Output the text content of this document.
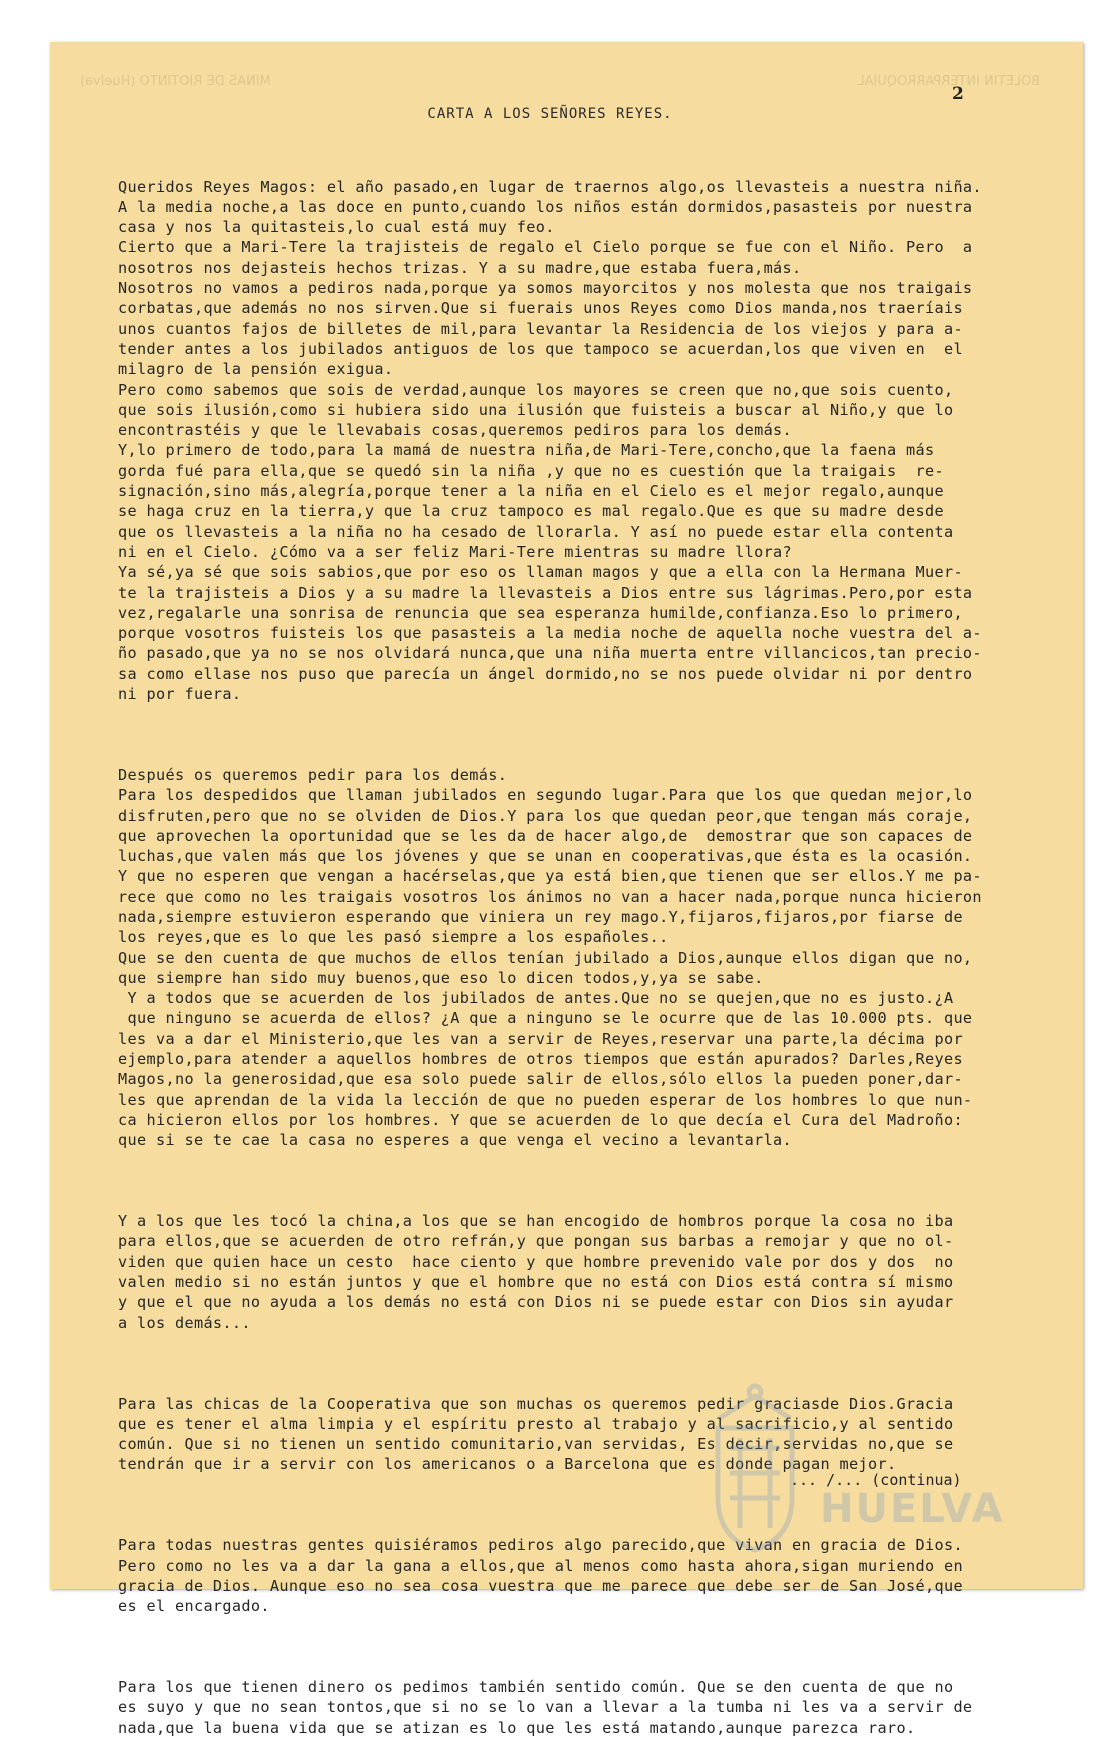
BOLETIN INTERPARROQUIAL
MINAS DE RIOTINTO (Huelva)
2
CARTA A LOS SEÑORES REYES.

Queridos Reyes Magos: el año pasado,en lugar de traernos algo,os llevasteis a nuestra niña.
A la media noche,a las doce en punto,cuando los niños están dormidos,pasasteis por nuestra
casa y nos la quitasteis,lo cual está muy feo.
Cierto que a Mari-Tere la trajisteis de regalo el Cielo porque se fue con el Niño. Pero  a
nosotros nos dejasteis hechos trizas. Y a su madre,que estaba fuera,más.
Nosotros no vamos a pediros nada,porque ya somos mayorcitos y nos molesta que nos traigais
corbatas,que además no nos sirven.Que si fuerais unos Reyes como Dios manda,nos traeríais
unos cuantos fajos de billetes de mil,para levantar la Residencia de los viejos y para a-
tender antes a los jubilados antiguos de los que tampoco se acuerdan,los que viven en  el
milagro de la pensión exigua.
Pero como sabemos que sois de verdad,aunque los mayores se creen que no,que sois cuento,
que sois ilusión,como si hubiera sido una ilusión que fuisteis a buscar al Niño,y que lo
encontrastéis y que le llevabais cosas,queremos pediros para los demás.
Y,lo primero de todo,para la mamá de nuestra niña,de Mari-Tere,concho,que la faena más
gorda fué para ella,que se quedó sin la niña ,y que no es cuestión que la traigais  re-
signación,sino más,alegría,porque tener a la niña en el Cielo es el mejor regalo,aunque
se haga cruz en la tierra,y que la cruz tampoco es mal regalo.Que es que su madre desde
que os llevasteis a la niña no ha cesado de llorarla. Y así no puede estar ella contenta
ni en el Cielo. ¿Cómo va a ser feliz Mari-Tere mientras su madre llora?
Ya sé,ya sé que sois sabios,que por eso os llaman magos y que a ella con la Hermana Muer-
te la trajisteis a Dios y a su madre la llevasteis a Dios entre sus lágrimas.Pero,por esta
vez,regalarle una sonrisa de renuncia que sea esperanza humilde,confianza.Eso lo primero,
porque vosotros fuisteis los que pasasteis a la media noche de aquella noche vuestra del a-
ño pasado,que ya no se nos olvidará nunca,que una niña muerta entre villancicos,tan precio-
sa como ellase nos puso que parecía un ángel dormido,no se nos puede olvidar ni por dentro
ni por fuera.

Después os queremos pedir para los demás.
Para los despedidos que llaman jubilados en segundo lugar.Para que los que quedan mejor,lo
disfruten,pero que no se olviden de Dios.Y para los que quedan peor,que tengan más coraje,
que aprovechen la oportunidad que se les da de hacer algo,de  demostrar que son capaces de
luchas,que valen más que los jóvenes y que se unan en cooperativas,que ésta es la ocasión.
Y que no esperen que vengan a hacérselas,que ya está bien,que tienen que ser ellos.Y me pa-
rece que como no les traigais vosotros los ánimos no van a hacer nada,porque nunca hicieron
nada,siempre estuvieron esperando que viniera un rey mago.Y,fijaros,fijaros,por fiarse de
los reyes,que es lo que les pasó siempre a los españoles..
Que se den cuenta de que muchos de ellos tenían jubilado a Dios,aunque ellos digan que no,
que siempre han sido muy buenos,que eso lo dicen todos,y,ya se sabe.
Y a todos que se acuerden de los jubilados de antes.Que no se quejen,que no es justo.¿A
que ninguno se acuerda de ellos? ¿A que a ninguno se le ocurre que de las 10.000 pts. que
les va a dar el Ministerio,que les van a servir de Reyes,reservar una parte,la décima por
ejemplo,para atender a aquellos hombres de otros tiempos que están apurados? Darles,Reyes
Magos,no la generosidad,que esa solo puede salir de ellos,sólo ellos la pueden poner,dar-
les que aprendan de la vida la lección de que no pueden esperar de los hombres lo que nun-
ca hicieron ellos por los hombres. Y que se acuerden de lo que decía el Cura del Madroño:
que si se te cae la casa no esperes a que venga el vecino a levantarla.

Y a los que les tocó la china,a los que se han encogido de hombros porque la cosa no iba
para ellos,que se acuerden de otro refrán,y que pongan sus barbas a remojar y que no ol-
viden que quien hace un cesto  hace ciento y que hombre prevenido vale por dos y dos  no
valen medio si no están juntos y que el hombre que no está con Dios está contra sí mismo
y que el que no ayuda a los demás no está con Dios ni se puede estar con Dios sin ayudar
a los demás...

Para las chicas de la Cooperativa que son muchas os queremos pedir graciasde Dios.Gracia
que es tener el alma limpia y el espíritu presto al trabajo y al sacrificio,y al sentido
común. Que si no tienen un sentido comunitario,van servidas, Es decir,servidas no,que se
tendrán que ir a servir con los americanos o a Barcelona que es donde pagan mejor.

Para todas nuestras gentes quisiéramos pediros algo parecido,que vivan en gracia de Dios.
Pero como no les va a dar la gana a ellos,que al menos como hasta ahora,sigan muriendo en
gracia de Dios. Aunque eso no sea cosa vuestra que me parece que debe ser de San José,que
es el encargado.

Para los que tienen dinero os pedimos también sentido común. Que se den cuenta de que no
es suyo y que no sean tontos,que si no se lo van a llevar a la tumba ni les va a servir de
nada,que la buena vida que se atizan es lo que les está matando,aunque parezca raro.

... /... (continua)
HUELVA
